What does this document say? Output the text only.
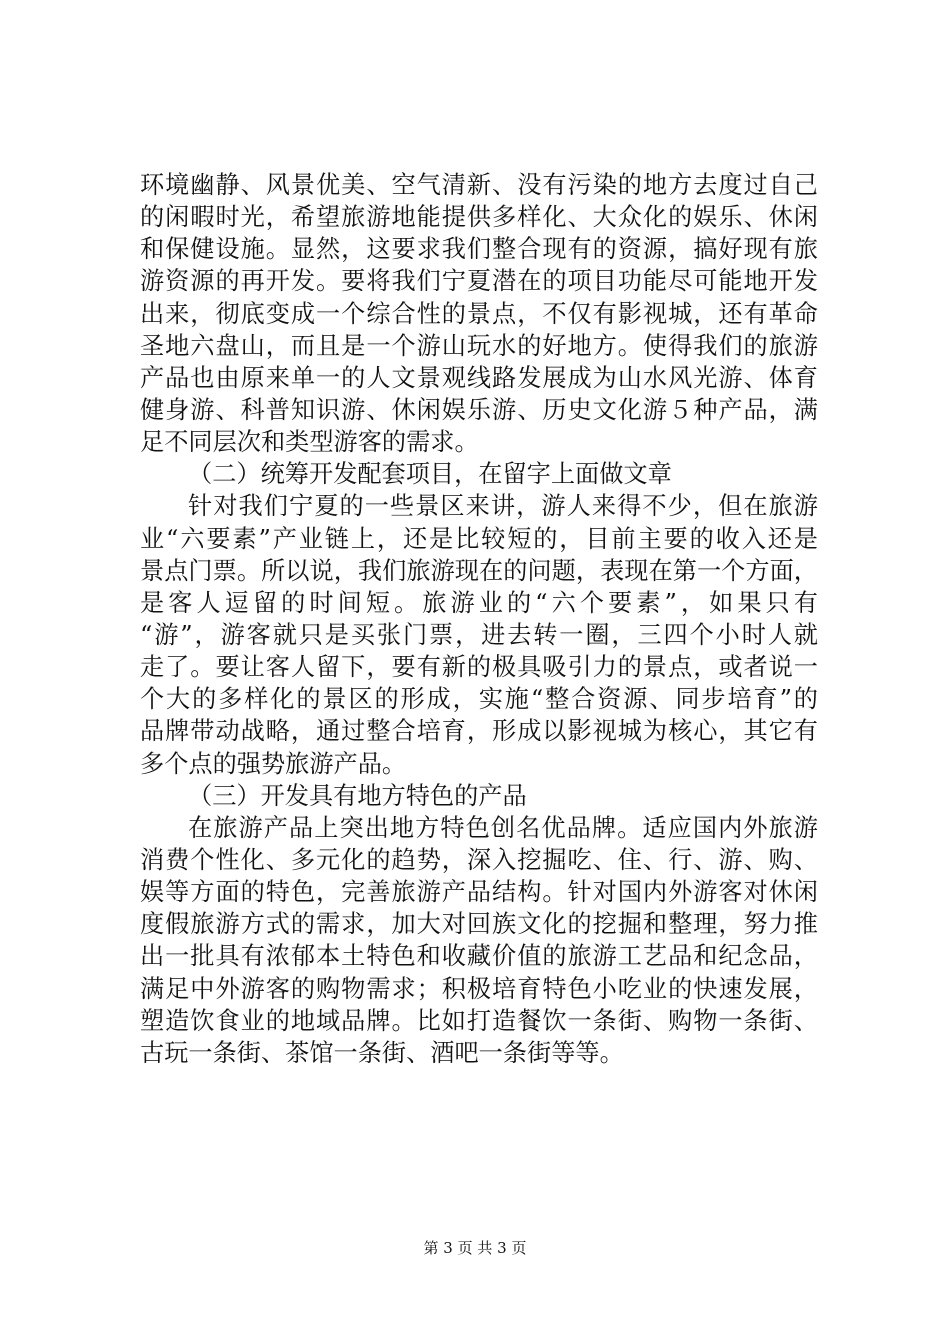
环境幽静、风景优美、空气清新、没有污染的地方去度过自己
的闲暇时光，希望旅游地能提供多样化、大众化的娱乐、休闲
和保健设施。显然，这要求我们整合现有的资源，搞好现有旅
游资源的再开发。要将我们宁夏潜在的项目功能尽可能地开发
出来，彻底变成一个综合性的景点，不仅有影视城，还有革命
圣地六盘山，而且是一个游山玩水的好地方。使得我们的旅游
产品也由原来单一的人文景观线路发展成为山水风光游、体育
健身游、科普知识游、休闲娱乐游、历史文化游５种产品，满
足不同层次和类型游客的需求。
（二）统筹开发配套项目，在留字上面做文章
针对我们宁夏的一些景区来讲，游人来得不少，但在旅游
业“六要素”产业链上，还是比较短的，目前主要的收入还是
景点门票。所以说，我们旅游现在的问题，表现在第一个方面，
是客人逗留的时间短。旅游业的“六个要素”，如果只有
“游”，游客就只是买张门票，进去转一圈，三四个小时人就
走了。要让客人留下，要有新的极具吸引力的景点，或者说一
个大的多样化的景区的形成，实施“整合资源、同步培育”的
品牌带动战略，通过整合培育，形成以影视城为核心，其它有
多个点的强势旅游产品。
（三）开发具有地方特色的产品
在旅游产品上突出地方特色创名优品牌。适应国内外旅游
消费个性化、多元化的趋势，深入挖掘吃、住、行、游、购、
娱等方面的特色，完善旅游产品结构。针对国内外游客对休闲
度假旅游方式的需求，加大对回族文化的挖掘和整理，努力推
出一批具有浓郁本土特色和收藏价值的旅游工艺品和纪念品，
满足中外游客的购物需求；积极培育特色小吃业的快速发展，
塑造饮食业的地域品牌。比如打造餐饮一条街、购物一条街、
古玩一条街、茶馆一条街、酒吧一条街等等。
第 3 页 共 3 页
